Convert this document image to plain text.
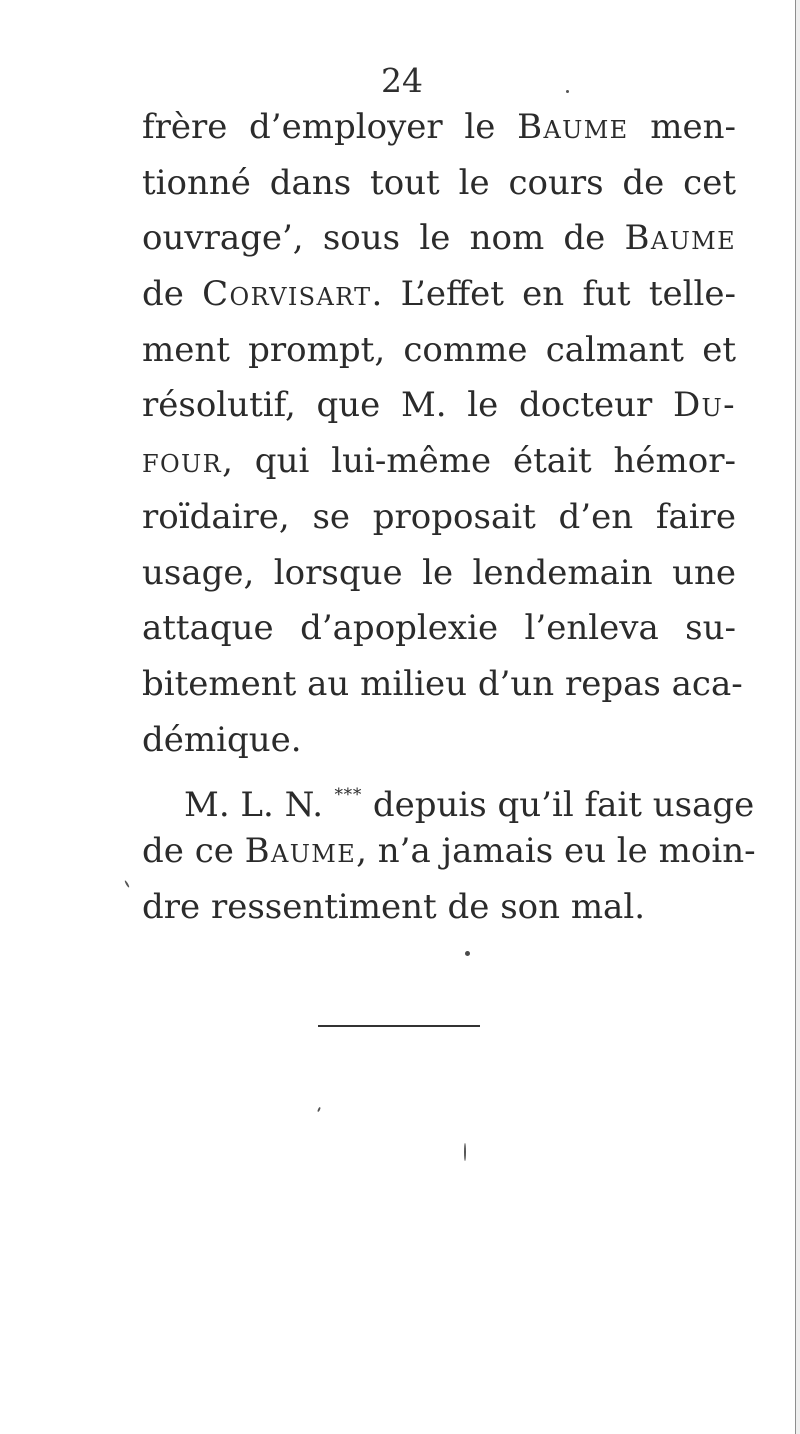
24
frère d’employer le Baume men-
tionné dans tout le cours de cet
ouvrage’, sous le nom de Baume
de Corvisart. L’effet en fut telle-
ment prompt, comme calmant et
résolutif, que M. le docteur Du-
four, qui lui-même était hémor-
roïdaire, se proposait d’en faire
usage, lorsque le lendemain une
attaque d’apoplexie l’enleva su-
bitement au milieu d’un repas aca-
démique.
M. L. N. *** depuis qu’il fait usage
de ce Baume, n’a jamais eu le moin-
dre ressentiment de son mal.
